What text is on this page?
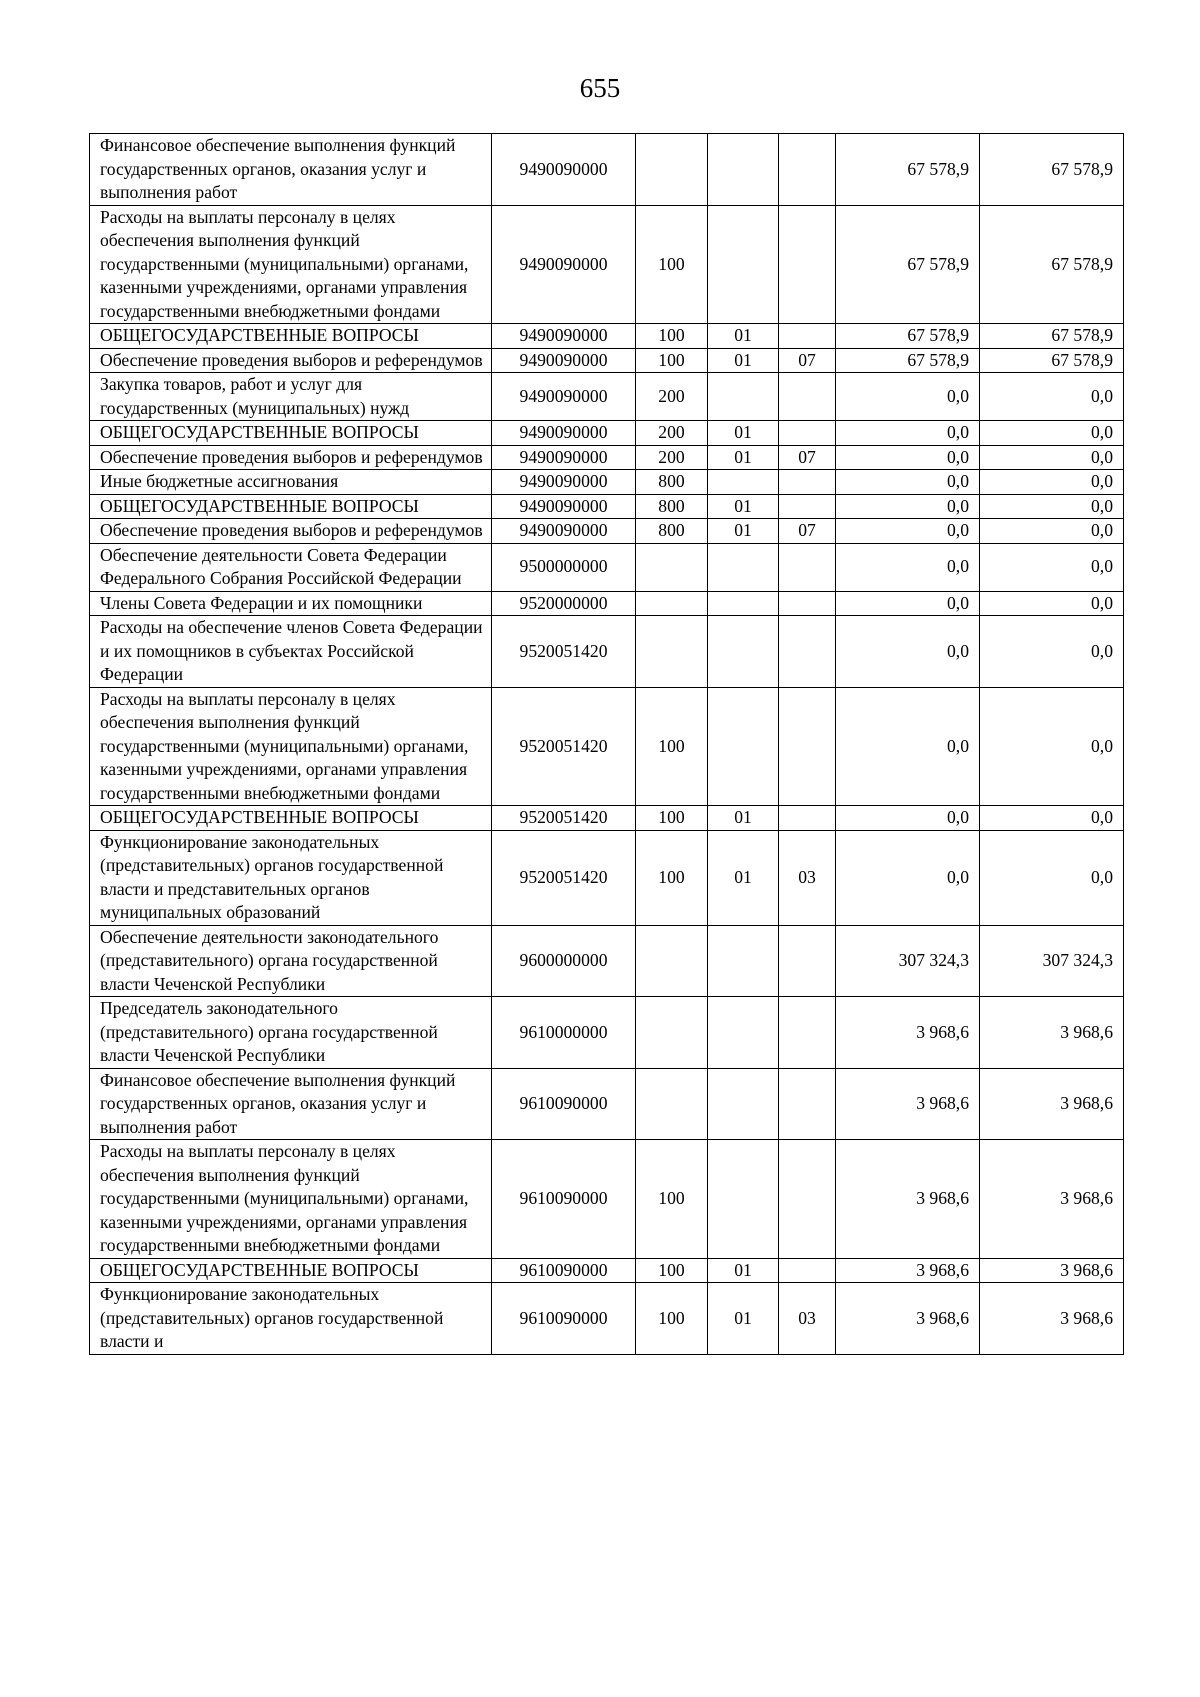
655
Финансовое обеспечение выполнения функций государственных органов, оказания услуг и выполнения работ	9490090000				67 578,9	67 578,9
Расходы на выплаты персоналу в целях обеспечения выполнения функций государственными (муниципальными) органами, казенными учреждениями, органами управления государственными внебюджетными фондами	9490090000	100			67 578,9	67 578,9
ОБЩЕГОСУДАРСТВЕННЫЕ ВОПРОСЫ	9490090000	100	01		67 578,9	67 578,9
Обеспечение проведения выборов и референдумов	9490090000	100	01	07	67 578,9	67 578,9
Закупка товаров, работ и услуг для государственных (муниципальных) нужд	9490090000	200			0,0	0,0
ОБЩЕГОСУДАРСТВЕННЫЕ ВОПРОСЫ	9490090000	200	01		0,0	0,0
Обеспечение проведения выборов и референдумов	9490090000	200	01	07	0,0	0,0
Иные бюджетные ассигнования	9490090000	800			0,0	0,0
ОБЩЕГОСУДАРСТВЕННЫЕ ВОПРОСЫ	9490090000	800	01		0,0	0,0
Обеспечение проведения выборов и референдумов	9490090000	800	01	07	0,0	0,0
Обеспечение деятельности Совета Федерации Федерального Собрания Российской Федерации	9500000000				0,0	0,0
Члены Совета Федерации и их помощники	9520000000				0,0	0,0
Расходы на обеспечение членов Совета Федерации и их помощников в субъектах Российской Федерации	9520051420				0,0	0,0
Расходы на выплаты персоналу в целях обеспечения выполнения функций государственными (муниципальными) органами, казенными учреждениями, органами управления государственными внебюджетными фондами	9520051420	100			0,0	0,0
ОБЩЕГОСУДАРСТВЕННЫЕ ВОПРОСЫ	9520051420	100	01		0,0	0,0
Функционирование законодательных (представительных) органов государственной власти и представительных органов муниципальных образований	9520051420	100	01	03	0,0	0,0
Обеспечение деятельности законодательного (представительного) органа государственной власти Чеченской Республики	9600000000				307 324,3	307 324,3
Председатель законодательного (представительного) органа государственной власти Чеченской Республики	9610000000				3 968,6	3 968,6
Финансовое обеспечение выполнения функций государственных органов, оказания услуг и выполнения работ	9610090000				3 968,6	3 968,6
Расходы на выплаты персоналу в целях обеспечения выполнения функций государственными (муниципальными) органами, казенными учреждениями, органами управления государственными внебюджетными фондами	9610090000	100			3 968,6	3 968,6
ОБЩЕГОСУДАРСТВЕННЫЕ ВОПРОСЫ	9610090000	100	01		3 968,6	3 968,6
Функционирование законодательных (представительных) органов государственной власти и	9610090000	100	01	03	3 968,6	3 968,6
